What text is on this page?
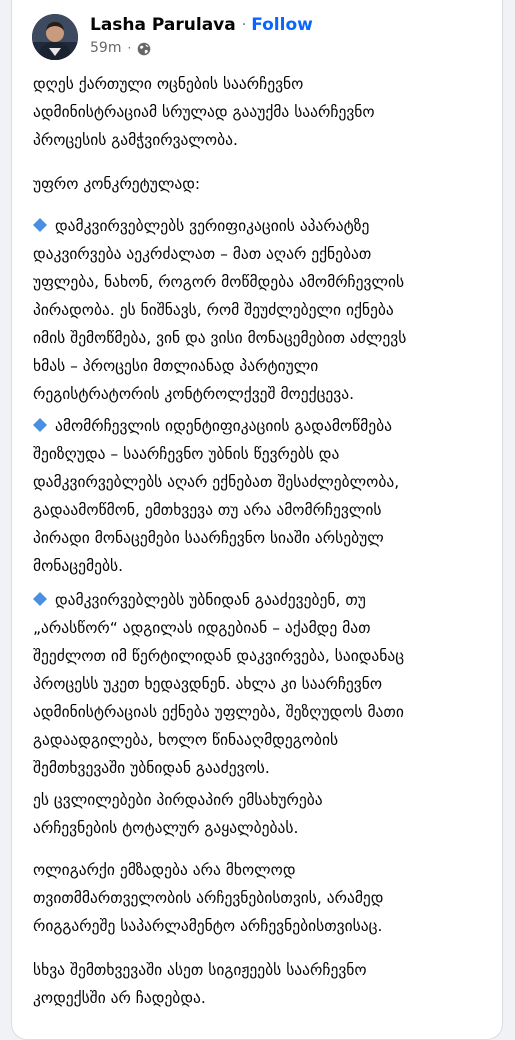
Lasha Parulava · Follow
59m ·
დღეს ქართული ოცნების საარჩევნო
ადმინისტრაციამ სრულად გააუქმა საარჩევნო
პროცესის გამჭვირვალობა.
უფრო კონკრეტულად:
დამკვირვებლებს ვერიფიკაციის აპარატზე
დაკვირვება აეკრძალათ – მათ აღარ ექნებათ
უფლება, ნახონ, როგორ მოწმდება ამომრჩევლის
პირადობა. ეს ნიშნავს, რომ შეუძლებელი იქნება
იმის შემოწმება, ვინ და ვისი მონაცემებით აძლევს
ხმას – პროცესი მთლიანად პარტიული
რეგისტრატორის კონტროლქვეშ მოექცევა.
ამომრჩევლის იდენტიფიკაციის გადამოწმება
შეიზღუდა – საარჩევნო უბნის წევრებს და
დამკვირვებლებს აღარ ექნებათ შესაძლებლობა,
გადაამოწმონ, ემთხვევა თუ არა ამომრჩევლის
პირადი მონაცემები საარჩევნო სიაში არსებულ
მონაცემებს.
დამკვირვებლებს უბნიდან გააძევებენ, თუ
„არასწორ“ ადგილას იდგებიან – აქამდე მათ
შეეძლოთ იმ წერტილიდან დაკვირვება, საიდანაც
პროცესს უკეთ ხედავდნენ. ახლა კი საარჩევნო
ადმინისტრაციას ექნება უფლება, შეზღუდოს მათი
გადაადგილება, ხოლო წინააღმდეგობის
შემთხვევაში უბნიდან გააძევოს.
ეს ცვლილებები პირდაპირ ემსახურება
არჩევნების ტოტალურ გაყალბებას.
ოლიგარქი ემზადება არა მხოლოდ
თვითმმართველობის არჩევნებისთვის, არამედ
რიგგარეშე საპარლამენტო არჩევნებისთვისაც.
სხვა შემთხვევაში ასეთ სიგიჟეებს საარჩევნო
კოდექსში არ ჩადებდა.
